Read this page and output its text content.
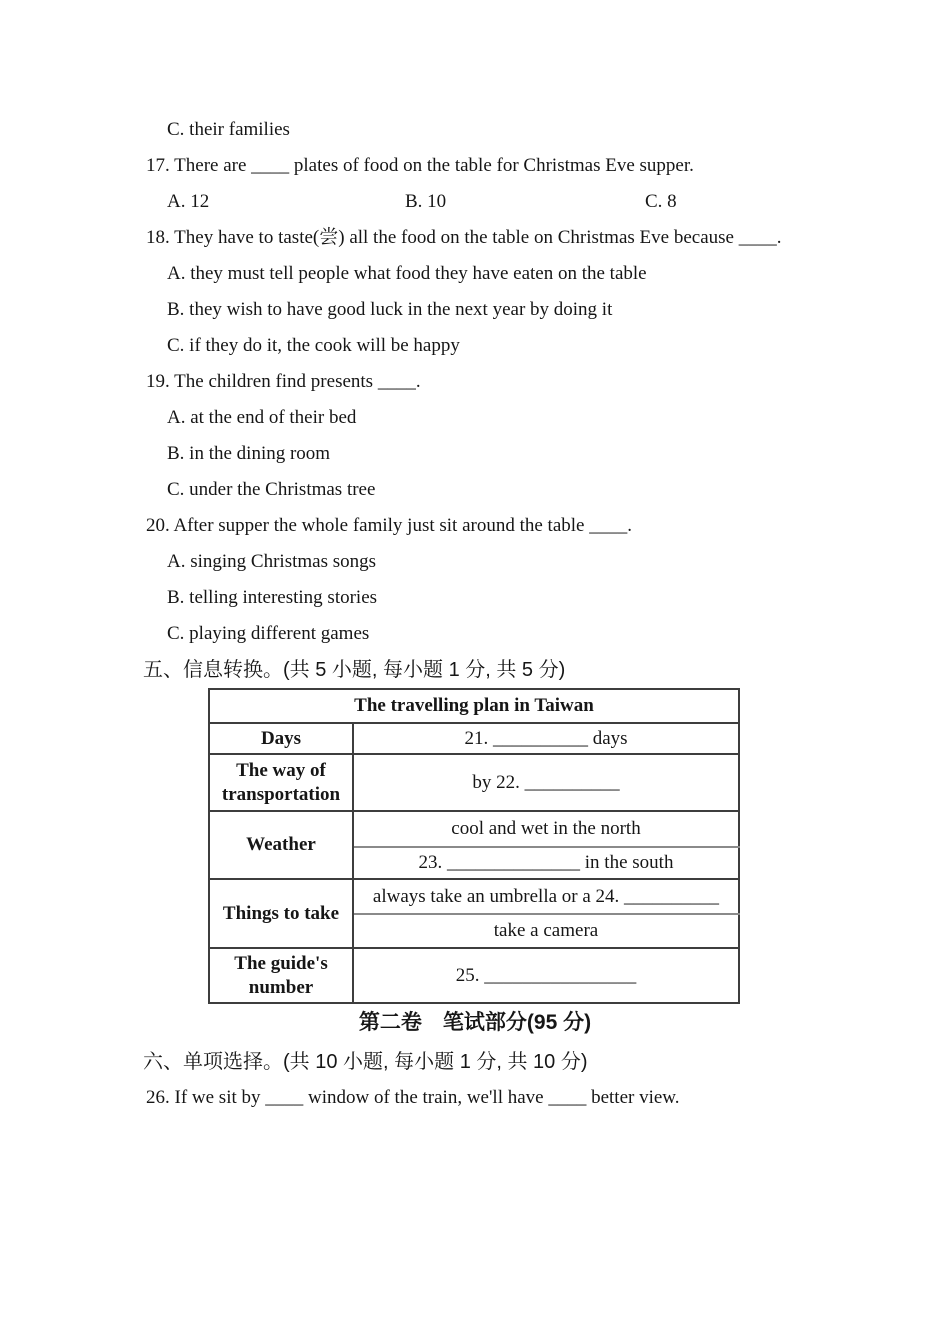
C. their families
17. There are ____ plates of food on the table for Christmas Eve supper.
A. 12	B. 10	C. 8
18. They have to taste(尝) all the food on the table on Christmas Eve because ____.
A. they must tell people what food they have eaten on the table
B. they wish to have good luck in the next year by doing it
C. if they do it, the cook will be happy
19. The children find presents ____.
A. at the end of their bed
B. in the dining room
C. under the Christmas tree
20. After supper the whole family just sit around the table ____.
A. singing Christmas songs
B. telling interesting stories
C. playing different games
五、信息转换。(共 5 小题, 每小题 1 分, 共 5 分)
The travelling plan in Taiwan	
Days	21. __________ days
The way of transportation	by 22. __________
Weather	cool and wet in the north
	23. ______________ in the south
Things to take	always take an umbrella or a 24. __________
	take a camera
The guide's number	25. ________________
第二卷　笔试部分(95 分)
六、单项选择。(共 10 小题, 每小题 1 分, 共 10 分)
26. If we sit by ____ window of the train, we'll have ____ better view.
